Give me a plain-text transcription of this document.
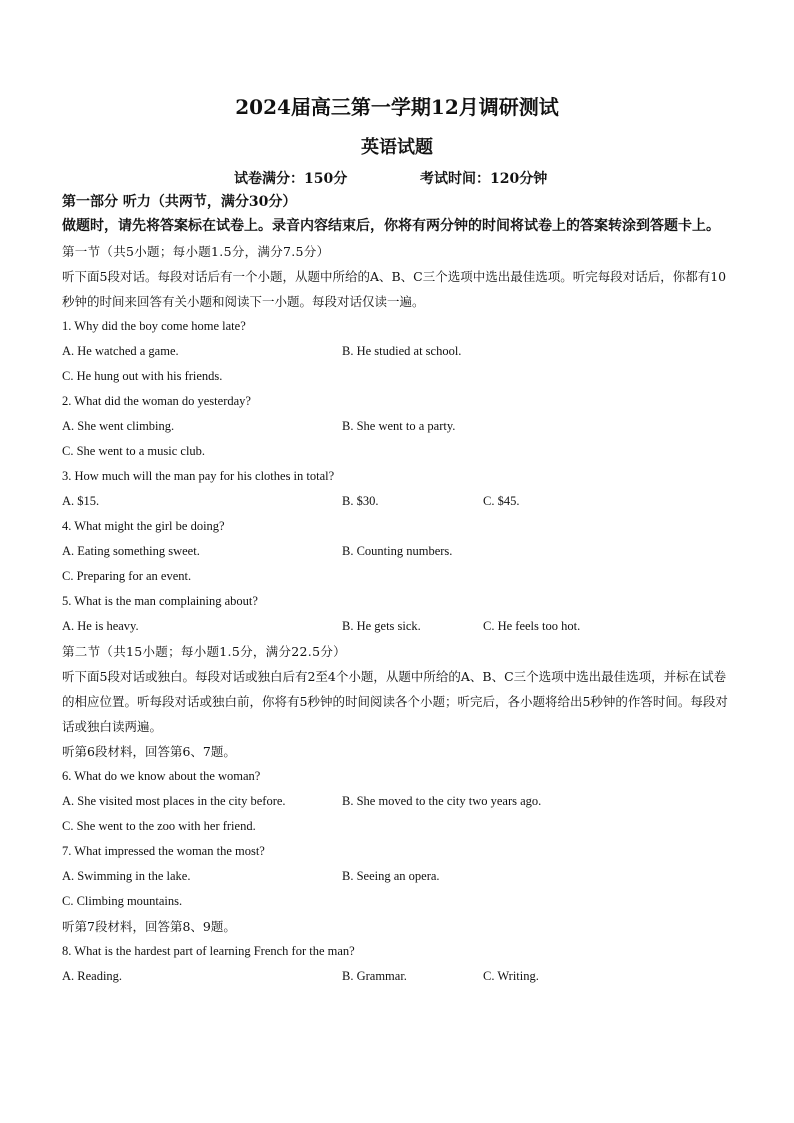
2024届高三第一学期12月调研测试
英语试题
试卷满分：150分	考试时间：120分钟
第一部分 听力（共两节，满分30分）
做题时，请先将答案标在试卷上。录音内容结束后，你将有两分钟的时间将试卷上的答案转涂到答题卡上。
第一节（共5小题；每小题1.5分，满分7.5分）
听下面5段对话。每段对话后有一个小题，从题中所给的A、B、C三个选项中选出最佳选项。听完每段对话后，你都有10秒钟的时间来回答有关小题和阅读下一小题。每段对话仅读一遍。
1. Why did the boy come home late?
A. He watched a game.	B. He studied at school.
C. He hung out with his friends.
2. What did the woman do yesterday?
A. She went climbing.	B. She went to a party.
C. She went to a music club.
3. How much will the man pay for his clothes in total?
A. $15.	B. $30.	C. $45.
4. What might the girl be doing?
A. Eating something sweet.	B. Counting numbers.
C. Preparing for an event.
5. What is the man complaining about?
A. He is heavy.	B. He gets sick.	C. He feels too hot.
第二节（共15小题；每小题1.5分，满分22.5分）
听下面5段对话或独白。每段对话或独白后有2至4个小题，从题中所给的A、B、C三个选项中选出最佳选项，并标在试卷的相应位置。听每段对话或独白前，你将有5秒钟的时间阅读各个小题；听完后，各小题将给出5秒钟的作答时间。每段对话或独白读两遍。
听第6段材料，回答第6、7题。
6. What do we know about the woman?
A. She visited most places in the city before.	B. She moved to the city two years ago.
C. She went to the zoo with her friend.
7. What impressed the woman the most?
A. Swimming in the lake.	B. Seeing an opera.
C. Climbing mountains.
听第7段材料，回答第8、9题。
8. What is the hardest part of learning French for the man?
A. Reading.	B. Grammar.	C. Writing.
